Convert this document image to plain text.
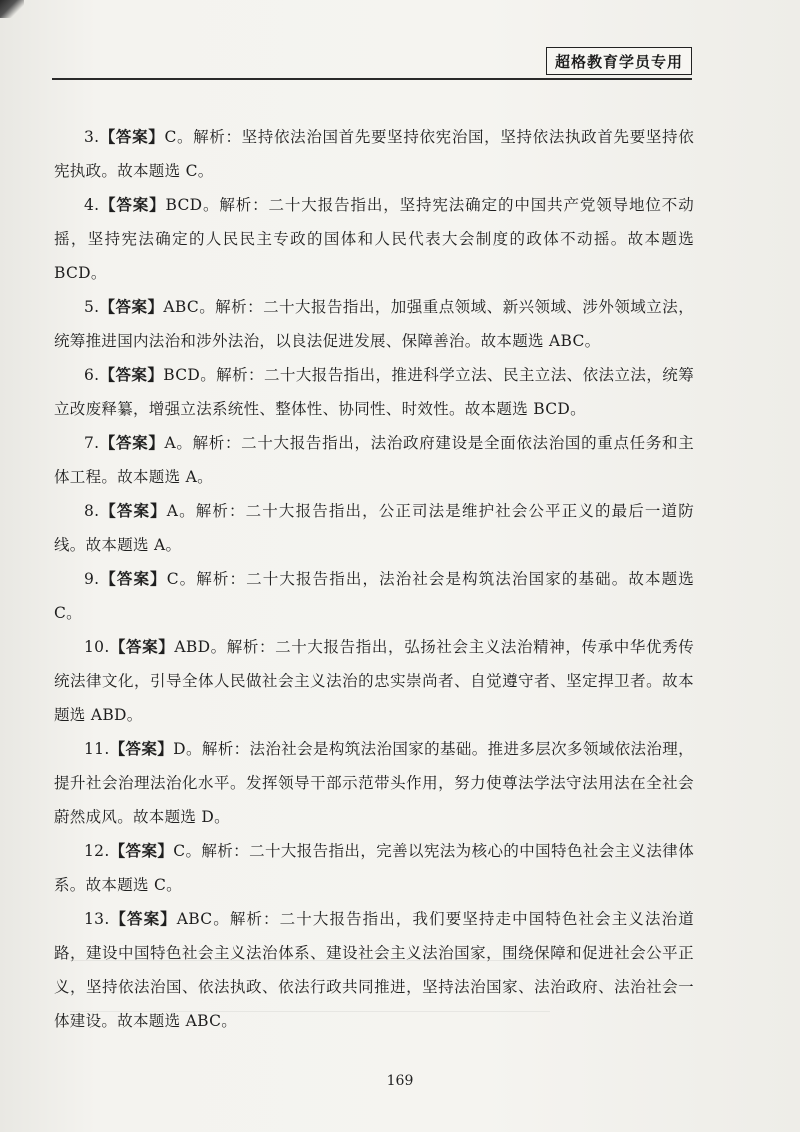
超格教育学员专用

3.【答案】C。解析：坚持依法治国首先要坚持依宪治国，坚持依法执政首先要坚持依宪执政。故本题选 C。

4.【答案】BCD。解析：二十大报告指出，坚持宪法确定的中国共产党领导地位不动摇，坚持宪法确定的人民民主专政的国体和人民代表大会制度的政体不动摇。故本题选 BCD。

5.【答案】ABC。解析：二十大报告指出，加强重点领域、新兴领域、涉外领域立法，统筹推进国内法治和涉外法治，以良法促进发展、保障善治。故本题选 ABC。

6.【答案】BCD。解析：二十大报告指出，推进科学立法、民主立法、依法立法，统筹立改废释纂，增强立法系统性、整体性、协同性、时效性。故本题选 BCD。

7.【答案】A。解析：二十大报告指出，法治政府建设是全面依法治国的重点任务和主体工程。故本题选 A。

8.【答案】A。解析：二十大报告指出，公正司法是维护社会公平正义的最后一道防线。故本题选 A。

9.【答案】C。解析：二十大报告指出，法治社会是构筑法治国家的基础。故本题选 C。

10.【答案】ABD。解析：二十大报告指出，弘扬社会主义法治精神，传承中华优秀传统法律文化，引导全体人民做社会主义法治的忠实崇尚者、自觉遵守者、坚定捍卫者。故本题选 ABD。

11.【答案】D。解析：法治社会是构筑法治国家的基础。推进多层次多领域依法治理，提升社会治理法治化水平。发挥领导干部示范带头作用，努力使尊法学法守法用法在全社会蔚然成风。故本题选 D。

12.【答案】C。解析：二十大报告指出，完善以宪法为核心的中国特色社会主义法律体系。故本题选 C。

13.【答案】ABC。解析：二十大报告指出，我们要坚持走中国特色社会主义法治道路，建设中国特色社会主义法治体系、建设社会主义法治国家，围绕保障和促进社会公平正义，坚持依法治国、依法执政、依法行政共同推进，坚持法治国家、法治政府、法治社会一体建设。故本题选 ABC。

169
